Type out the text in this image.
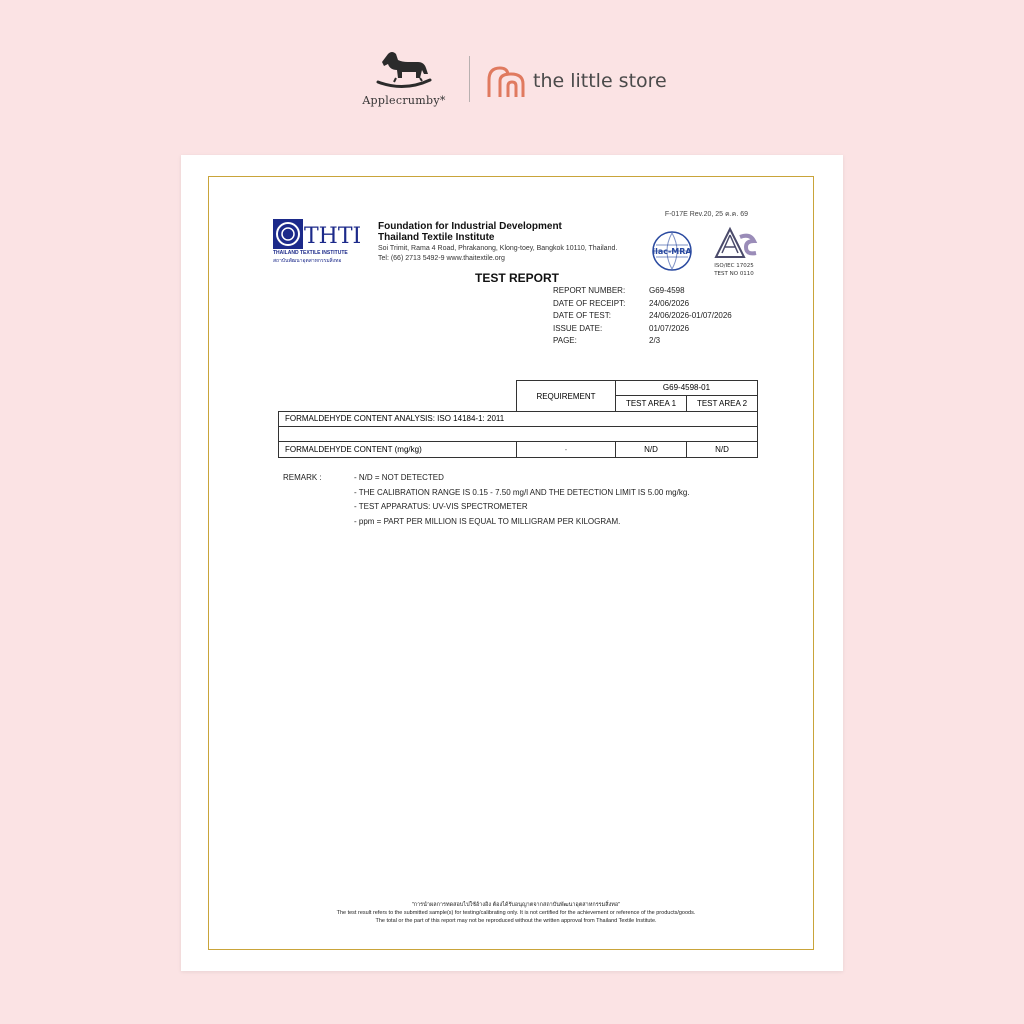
Applecrumby*
the little store
F-017E Rev.20, 25 ค.ค. 69
THTI
THAILAND TEXTILE INSTITUTE
สถาบันพัฒนาอุตสาหกรรมสิ่งทอ
Foundation for Industrial Development
Thailand Textile Institute
Soi Trimit, Rama 4 Road, Phrakanong, Klong-toey, Bangkok 10110, Thailand.
Tel: (66) 2713 5492-9 www.thaitextile.org
ilac-MRA
ISO/IEC 17025
TEST NO 0110
TEST REPORT
REPORT NUMBER:	G69-4598
DATE OF RECEIPT:	24/06/2026
DATE OF TEST:	24/06/2026-01/07/2026
ISSUE DATE:	01/07/2026
PAGE:	2/3
REQUIREMENT
G69-4598-01
TEST AREA 1	TEST AREA 2
FORMALDEHYDE CONTENT ANALYSIS: ISO 14184-1: 2011
FORMALDEHYDE CONTENT (mg/kg)	-	N/D	N/D
REMARK :	- N/D = NOT DETECTED
- THE CALIBRATION RANGE IS 0.15 - 7.50 mg/l AND THE DETECTION LIMIT IS 5.00 mg/kg.
- TEST APPARATUS: UV-VIS SPECTROMETER
- ppm = PART PER MILLION IS EQUAL TO MILLIGRAM PER KILOGRAM.
"การนำผลการทดสอบไปใช้อ้างอิง ต้องได้รับอนุญาตจากสถาบันพัฒนาอุตสาหกรรมสิ่งทอ"
The test result refers to the submitted sample(s) for testing/calibrating only. It is not certified for the achievement or reference of the products/goods.
The total or the part of this report may not be reproduced without the written approval from Thailand Textile Institute.
